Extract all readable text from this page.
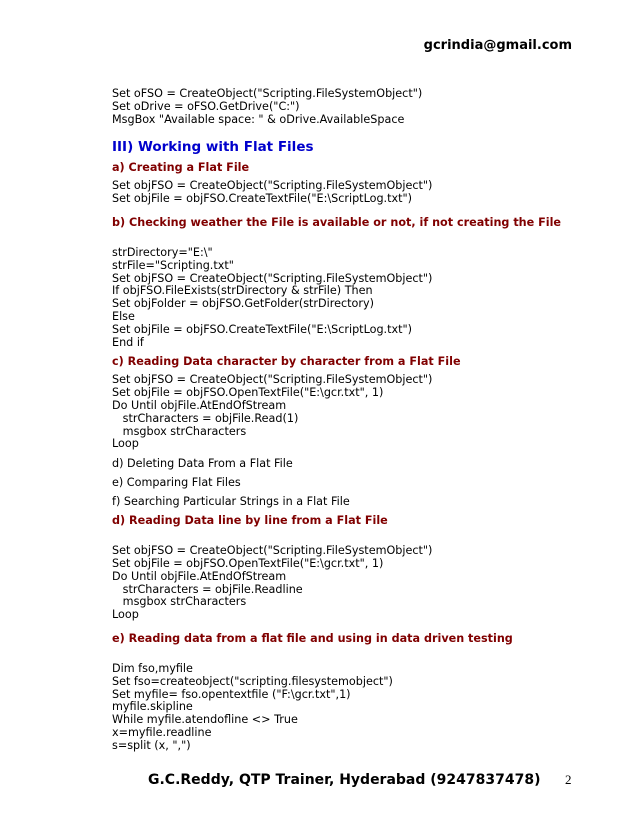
gcrindia@gmail.com
Set oFSO = CreateObject("Scripting.FileSystemObject")
Set oDrive = oFSO.GetDrive("C:")
MsgBox "Available space: " & oDrive.AvailableSpace
III) Working with Flat Files
a) Creating a Flat File
Set objFSO = CreateObject("Scripting.FileSystemObject")
Set objFile = objFSO.CreateTextFile("E:\ScriptLog.txt")
b) Checking weather the File is available or not, if not creating the File
strDirectory="E:\"
strFile="Scripting.txt"
Set objFSO = CreateObject("Scripting.FileSystemObject")
If objFSO.FileExists(strDirectory & strFile) Then
Set objFolder = objFSO.GetFolder(strDirectory)
Else
Set objFile = objFSO.CreateTextFile("E:\ScriptLog.txt")
End if
c) Reading Data character by character from a Flat File
Set objFSO = CreateObject("Scripting.FileSystemObject")
Set objFile = objFSO.OpenTextFile("E:\gcr.txt", 1)
Do Until objFile.AtEndOfStream
strCharacters = objFile.Read(1)
msgbox strCharacters
Loop
d) Deleting Data From a Flat File
e) Comparing Flat Files
f) Searching Particular Strings in a Flat File
d) Reading Data line by line from a Flat File
Set objFSO = CreateObject("Scripting.FileSystemObject")
Set objFile = objFSO.OpenTextFile("E:\gcr.txt", 1)
Do Until objFile.AtEndOfStream
strCharacters = objFile.Readline
msgbox strCharacters
Loop
e) Reading data from a flat file and using in data driven testing
Dim fso,myfile
Set fso=createobject("scripting.filesystemobject")
Set myfile= fso.opentextfile ("F:\gcr.txt",1)
myfile.skipline
While myfile.atendofline <> True
x=myfile.readline
s=split (x, ",")
G.C.Reddy, QTP Trainer, Hyderabad (9247837478) 2
